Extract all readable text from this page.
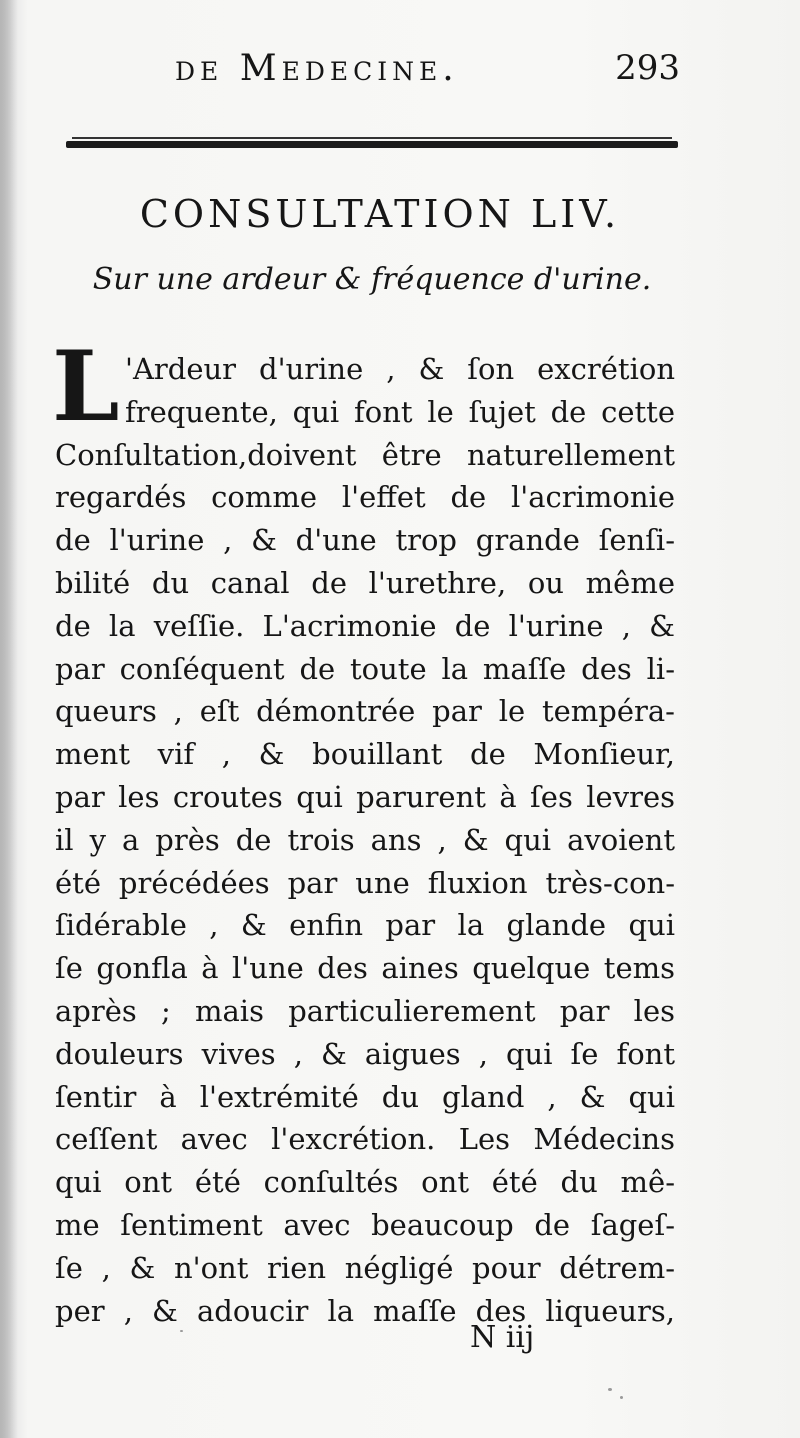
de Medecine.	293
CONSULTATION LIV.
Sur une ardeur & fréquence d'urine.
L 'Ardeur d'urine , & ſon excrétion
frequente, qui font le ſujet de cette
Conſultation,doivent être naturellement
regardés comme l'effet de l'acrimonie
de l'urine , & d'une trop grande ſenſi-
bilité du canal de l'urethre, ou même
de la veſſie. L'acrimonie de l'urine , &
par conſéquent de toute la maſſe des li-
queurs , eſt démontrée par le tempéra-
ment vif , & bouillant de Monſieur,
par les croutes qui parurent à ſes levres
il y a près de trois ans , & qui avoient
été précédées par une fluxion très-con-
ſidérable , & enfin par la glande qui
ſe gonfla à l'une des aines quelque tems
après ; mais particulierement par les
douleurs vives , & aigues , qui ſe font
ſentir à l'extrémité du gland , & qui
ceſſent avec l'excrétion. Les Médecins
qui ont été conſultés ont été du mê-
me ſentiment avec beaucoup de ſageſ-
ſe , & n'ont rien négligé pour détrem-
per , & adoucir la maſſe des liqueurs,
N iij
